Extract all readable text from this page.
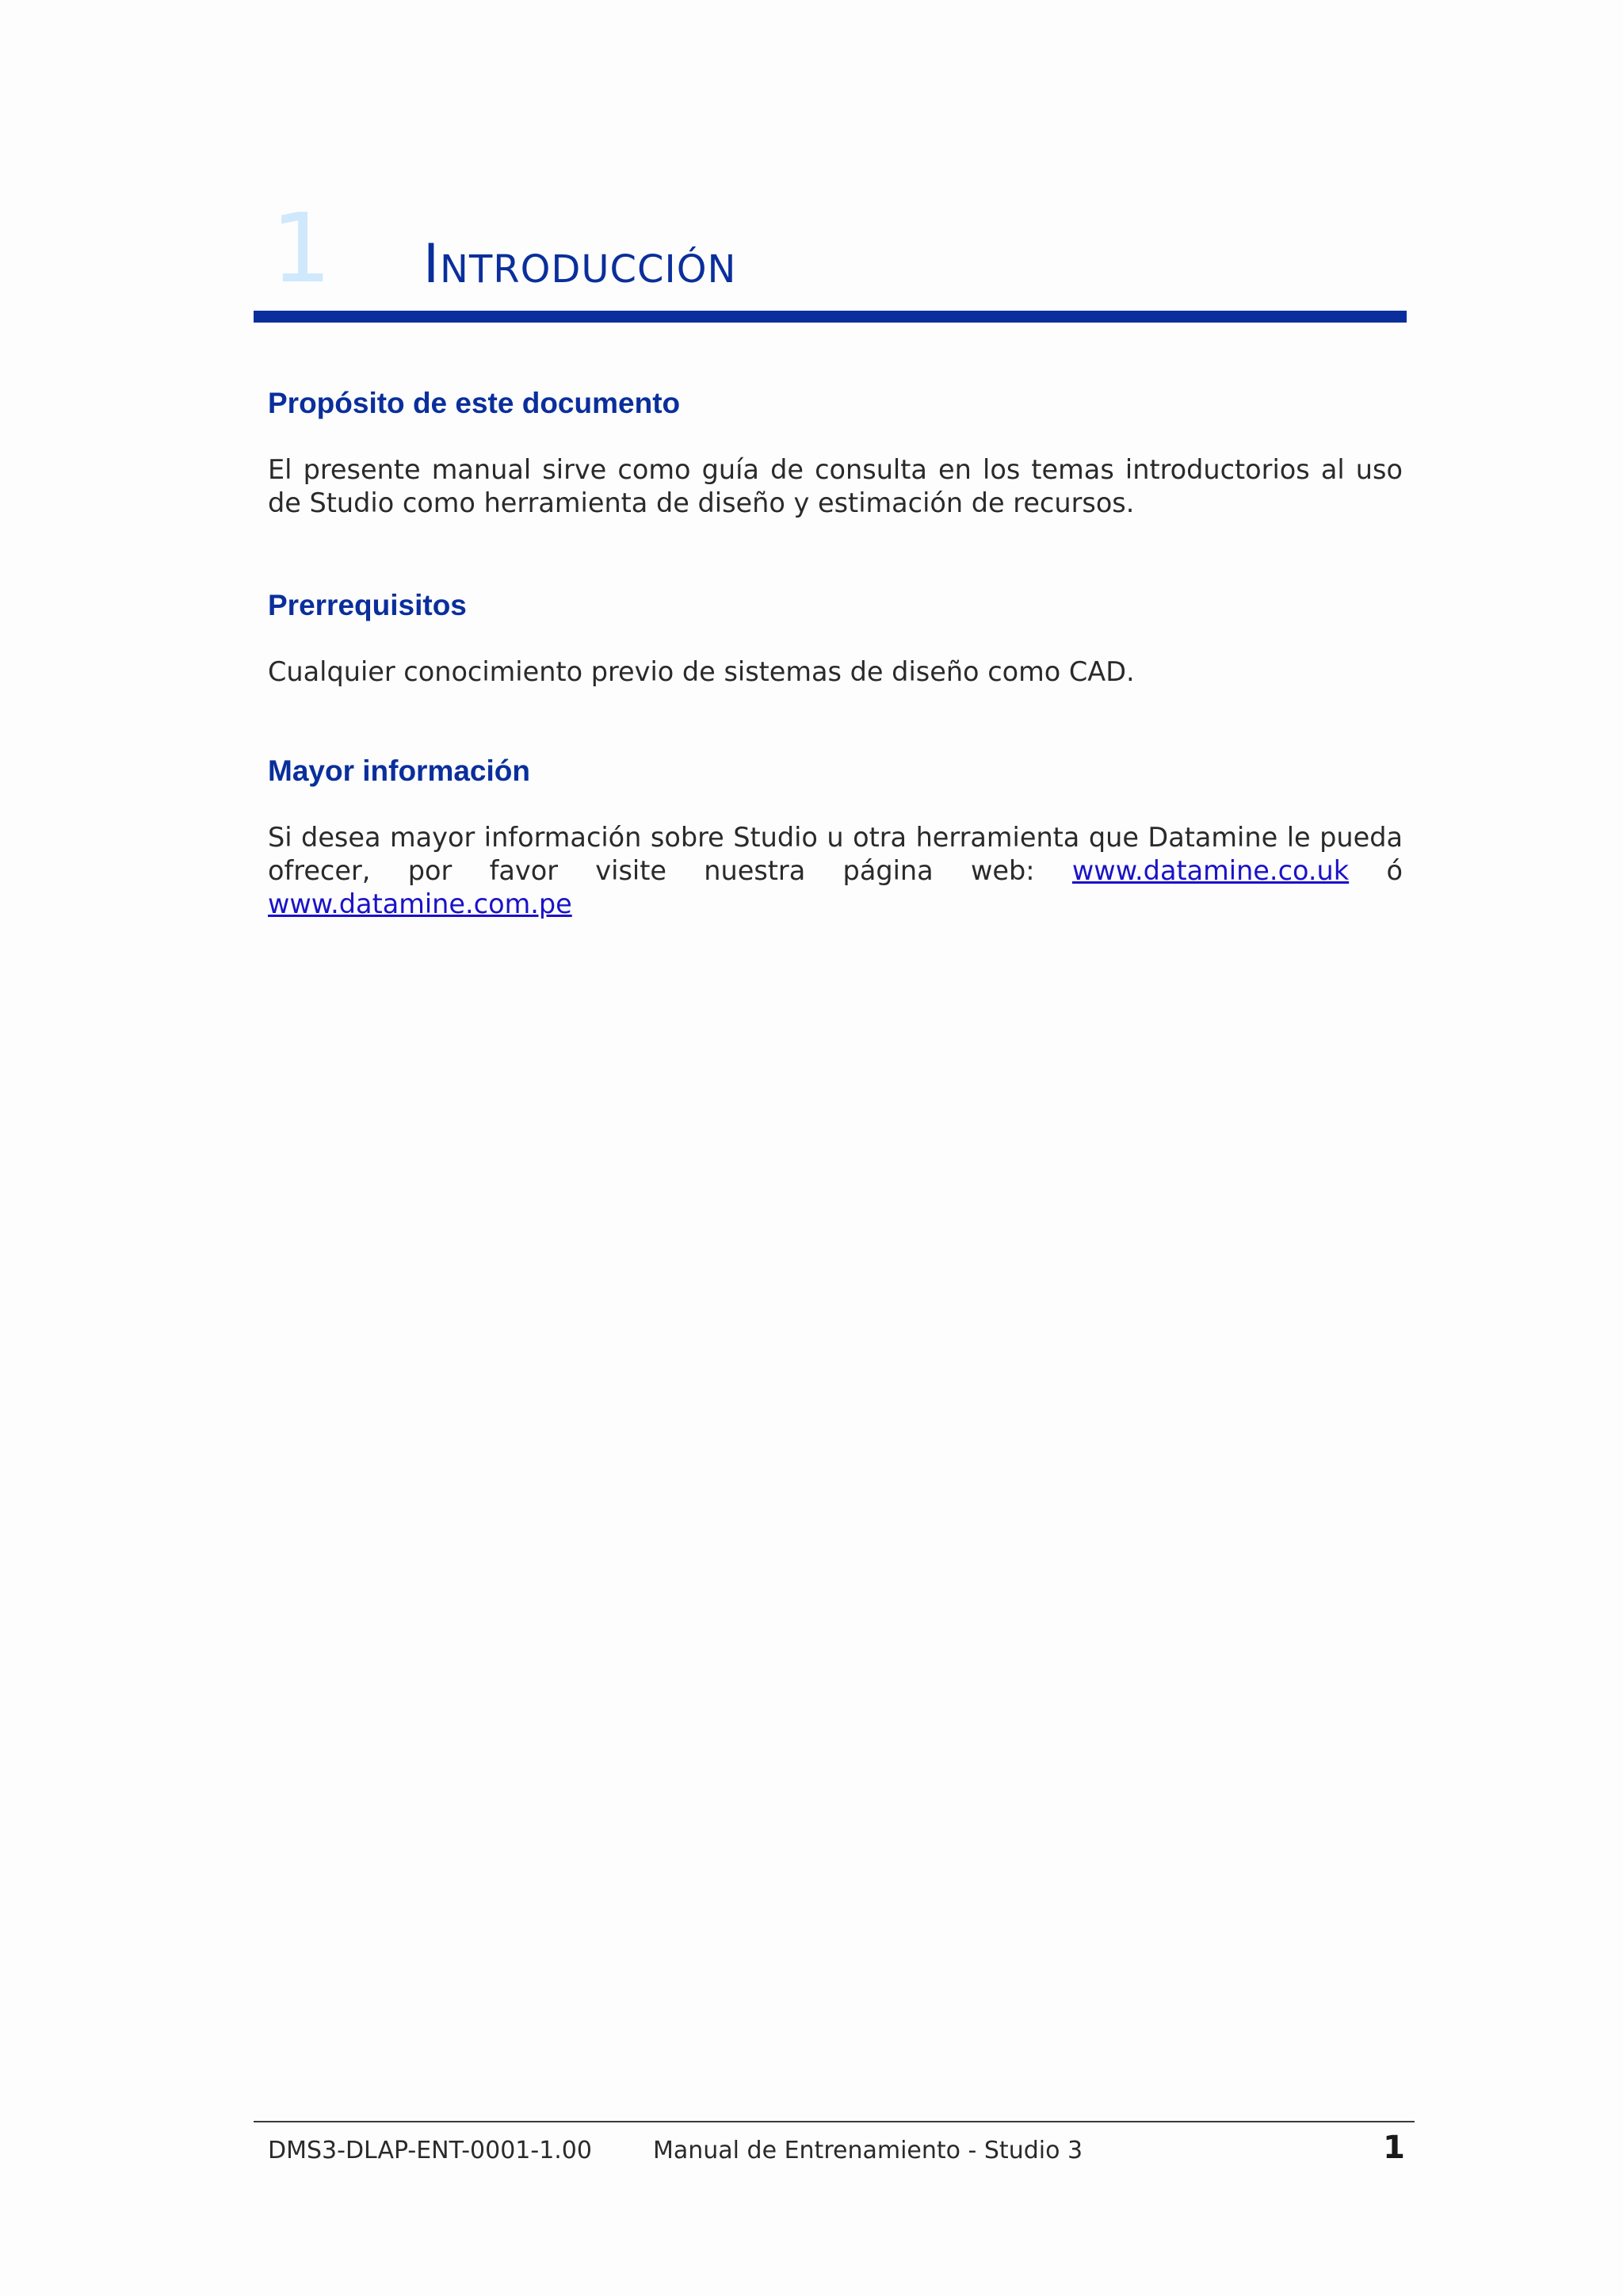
1 Introducción
Propósito de este documento

El presente manual sirve como guía de consulta en los temas introductorios al uso de Studio como herramienta de diseño y estimación de recursos.

Prerrequisitos

Cualquier conocimiento previo de sistemas de diseño como CAD.

Mayor información

Si desea mayor información sobre Studio u otra herramienta que Datamine le pueda ofrecer, por favor visite nuestra página web: www.datamine.co.uk ó www.datamine.com.pe

DMS3-DLAP-ENT-0001-1.00	Manual de Entrenamiento - Studio 3	1
